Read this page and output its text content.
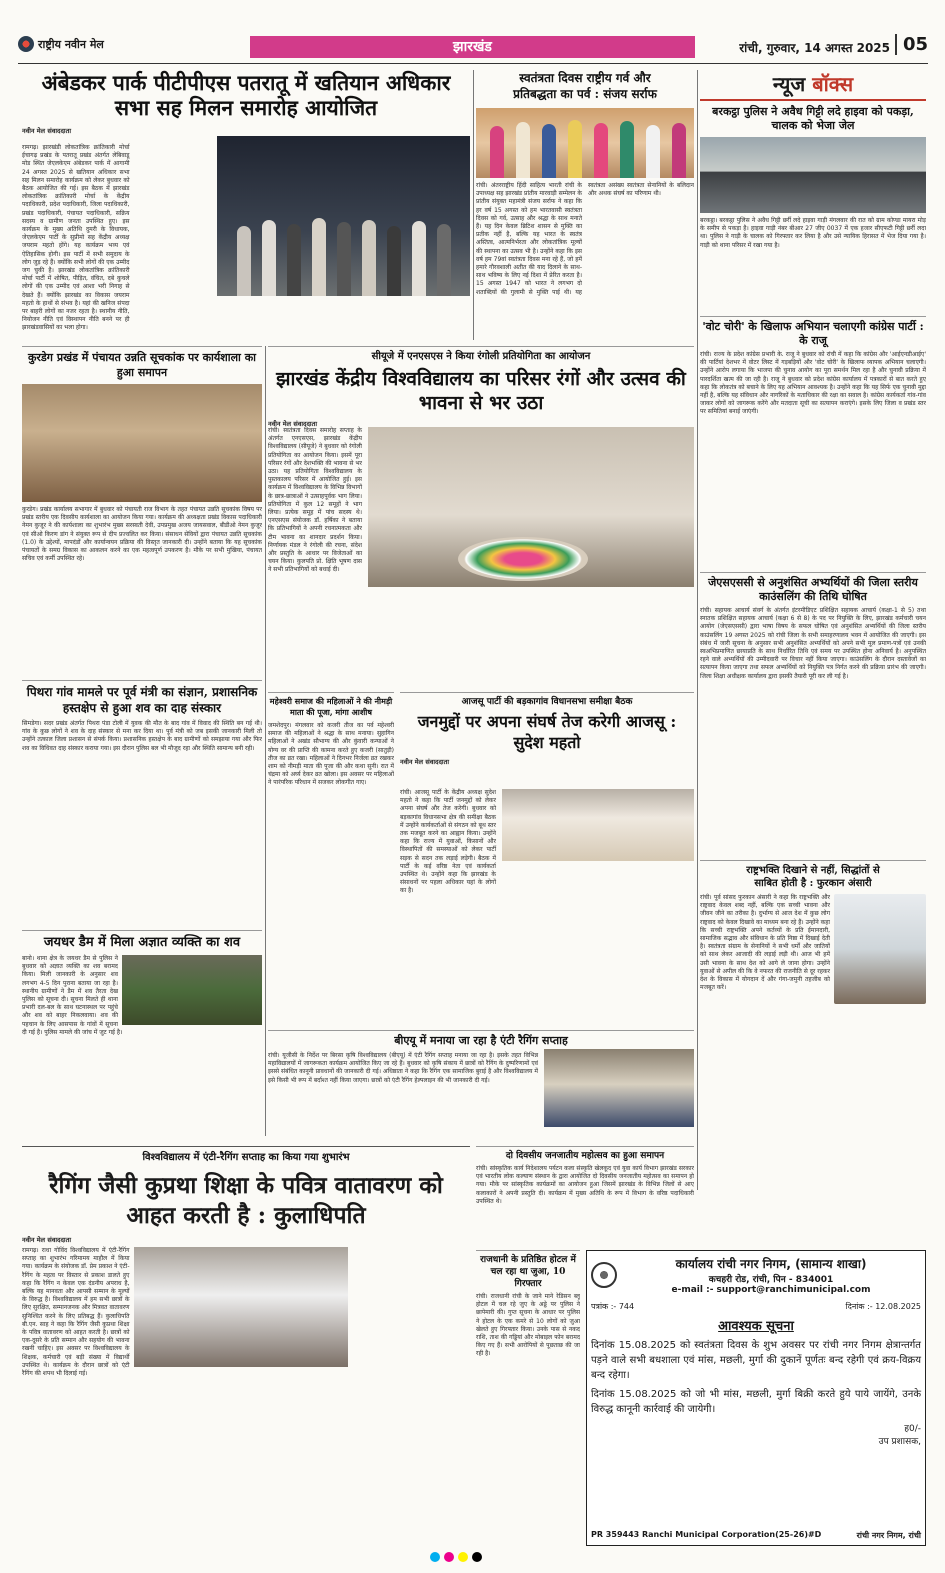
राष्ट्रीय नवीन मेल	झारखंड	रांची, गुरुवार, 14 अगस्त 2025 05
अंबेडकर पार्क पीटीपीएस पतरातू में खतियान अधिकार सभा सह मिलन समारोह आयोजित
नवीन मेल संवाददाता
रामगढ़। झारखंडी लोकतांत्रिक क्रांतिकारी मोर्चा ईचागढ़ प्रखंड के पतरातू प्रखंड अंतर्गत लेबिवाडू मोड स्थित जेएलकेएम अंबेडकर पार्क में आगामी 24 अगस्त 2025 से खतियान अधिकार सभा सह मिलन समारोह कार्यक्रम को लेकर बुधवार को बैठक आयोजित की गई। इस बैठक में झारखंड लोकतांत्रिक क्रांतिकारी मोर्चा के केंद्रीय पदाधिकारी, प्रदेश पदाधिकारी, जिला पदाधिकारी, प्रखंड पदाधिकारी, पंचायत पदाधिकारी, सक्रिय सदस्य व ग्रामीण जनता उपस्थित हुए। इस कार्यक्रम के मुख्य अतिथि दुमरी के विधायक, जेएलकेएम पार्टी के सुप्रीमो सह केंद्रीय अध्यक्ष जयराम महतो होंगे। यह कार्यक्रम भव्य एवं ऐतिहासिक होगी। इस पार्टी में सभी समुदाय के लोग जुड़ रहे हैं। क्योंकि सभी लोगों की एक उम्मीद जग चुकी है। झारखंड लोकतांत्रिक क्रांतिकारी मोर्चा पार्टी में शोषित, पीड़ित, वंचित, दबे कुचले लोगों की एक उम्मीद एवं आशा भरी निगाह से देखते हैं। क्योंकि झारखंड का विकास जयराम महतो के हाथों से संभव है। यहां की खनिज संपदा पर बाहरी लोगों का नजर रहता है। स्थानीय नीति, नियोजन नीति एवं विस्थापन नीति बनने पर ही झारखंडवासियों का भला होगा।
स्वतंत्रता दिवस राष्ट्रीय गर्व और
प्रतिबद्धता का पर्व : संजय सर्राफ
रांची। अंतरराष्ट्रीय हिंदी साहित्य भारती रांची के उपाध्यक्ष सह झारखंड प्रांतीय मारवाड़ी सम्मेलन के प्रांतीय संयुक्त महामंत्री संजय सर्राफ ने कहा कि हर वर्ष 15 अगस्त को हम भारतवासी स्वतंत्रता दिवस को गर्व, उत्साह और श्रद्धा के साथ मनाते हैं। यह दिन केवल ब्रिटिश शासन से मुक्ति का प्रतीक नहीं है, बल्कि यह भारत के स्वतंत्र अस्तित्व, आत्मनिर्भरता और लोकतांत्रिक मूल्यों की स्थापना का उत्सव भी है। उन्होंने कहा कि इस वर्ष हम 79वां स्वतंत्रता दिवस मना रहे हैं, जो हमें हमारे गौरवशाली अतीत की याद दिलाने के साथ-साथ भविष्य के लिए नई दिशा में प्रेरित करता है। 15 अगस्त 1947 को भारत ने लगभग दो शताब्दियों की गुलामी से मुक्ति पाई थी। यह स्वतंत्रता असंख्य स्वतंत्रता सेनानियों के बलिदान और अथक संघर्ष का परिणाम थी।
न्यूज बॉक्स
बरकट्ठा पुलिस ने अवैध गिट्टी लदे हाइवा को पकड़ा, चालक को भेजा जेल
बरकट्ठा। बरकट्ठा पुलिस ने अवैध गिट्टी छर्री लदे हाइवा गाड़ी मंगलवार की रात को ग्राम कोण्डा मायरा मोड़ के समीप से पकड़ा है। हाइवा गाड़ी नंबर बीआर 27 जीए 0037 में एक हजार सीएफटी गिट्टी छर्री लदा था। पुलिस ने गाड़ी के चालक को गिरफ्तार कर लिया है और उसे न्यायिक हिरासत में भेज दिया गया है। गाड़ी को थाना परिसर में रखा गया है।
'वोट चोरी' के खिलाफ अभियान चलाएगी कांग्रेस पार्टी : के राजू
रांची। राज्य के प्रदेश कांग्रेस प्रभारी के. राजू ने बुधवार को रांची में कहा कि कांग्रेस और 'आईएनडीआईए' की पार्टियां देशभर में वोटर लिस्ट में गड़बड़ियों और 'वोट चोरी' के खिलाफ व्यापक अभियान चलाएगी। उन्होंने आरोप लगाया कि भाजपा की चुनाव आयोग का पूरा समर्थन मिल रहा है और चुनावी प्रक्रिया में पारदर्शिता खत्म की जा रही है। राजू ने बुधवार को प्रदेश कांग्रेस कार्यालय में पत्रकारों से बात करते हुए कहा कि लोकतंत्र को बचाने के लिए यह अभियान आवश्यक है। उन्होंने कहा कि यह सिर्फ एक चुनावी मुद्दा नहीं है, बल्कि यह संविधान और नागरिकों के मताधिकार की रक्षा का सवाल है। कांग्रेस कार्यकर्ता गांव-गांव जाकर लोगों को जागरूक करेंगे और मतदाता सूची का सत्यापन कराएंगे। इसके लिए जिला व प्रखंड स्तर पर समितियां बनाई जाएंगी।
जेएसएससी से अनुशंसित अभ्यर्थियों की जिला स्तरीय काउंसलिंग की तिथि घोषित
रांची। सहायक आचार्य संवर्ग के अंतर्गत इंटरमीडिएट प्रशिक्षित सहायक आचार्य (कक्षा-1 से 5) तथा स्नातक प्रशिक्षित सहायक आचार्य (कक्षा 6 से 8) के पद पर नियुक्ति के लिए, झारखंड कर्मचारी चयन आयोग (जेएसएससी) द्वारा भाषा विषय के सफल घोषित एवं अनुशंसित अभ्यर्थियों की जिला स्तरीय काउंसलिंग 19 अगस्त 2025 को रांची जिला के सभी समाहरणालय भवन में आयोजित की जाएगी। इस संबंध में जारी सूचना के अनुसार सभी अनुशंसित अभ्यर्थियों को अपने सभी मूल प्रमाण-पत्रों एवं उनकी स्वअभिप्रमाणित छायाप्रति के साथ निर्धारित तिथि एवं समय पर उपस्थित होना अनिवार्य है। अनुपस्थित रहने वाले अभ्यर्थियों की उम्मीदवारी पर विचार नहीं किया जाएगा। काउंसलिंग के दौरान दस्तावेजों का सत्यापन किया जाएगा तथा सफल अभ्यर्थियों को नियुक्ति पत्र निर्गत करने की प्रक्रिया प्रारंभ की जाएगी। जिला शिक्षा अधीक्षक कार्यालय द्वारा इसकी तैयारी पूरी कर ली गई है।
राष्ट्रभक्ति दिखाने से नहीं, सिद्धांतों से
साबित होती है : फुरकान अंसारी
रांची। पूर्व सांसद फुरकान अंसारी ने कहा कि राष्ट्रभक्ति और राष्ट्रवाद केवल शब्द नहीं, बल्कि एक सच्ची भावना और जीवन जीने का तरीका है। दुर्भाग्य से आज देश में कुछ लोग राष्ट्रवाद को केवल दिखावे का माध्यम बना रहे हैं। उन्होंने कहा कि सच्ची राष्ट्रभक्ति अपने कर्तव्यों के प्रति ईमानदारी, सामाजिक सद्भाव और संविधान के प्रति निष्ठा में दिखाई देती है। स्वतंत्रता संग्राम के सेनानियों ने सभी धर्मों और जातियों को साथ लेकर आजादी की लड़ाई लड़ी थी। आज भी हमें उसी भावना के साथ देश को आगे ले जाना होगा। उन्होंने युवाओं से अपील की कि वे नफरत की राजनीति से दूर रहकर देश के विकास में योगदान दें और गंगा-जमुनी तहजीब को मजबूत करें।
कुरडेग प्रखंड में पंचायत उन्नति सूचकांक पर कार्यशाला का हुआ समापन
कुरडेग। प्रखंड कार्यालय सभागार में बुधवार को पंचायती राज विभाग के तहत पंचायत उन्नति सूचकांक विषय पर प्रखंड स्तरीय एक दिवसीय कार्यशाला का आयोजन किया गया। कार्यक्रम की अध्यक्षता प्रखंड विकास पदाधिकारी नेमन कुजूर ने की कार्यशाला का शुभारंभ मुख्य सरस्वती देवी, उपप्रमुख अजय जायसवाल, बीडीओ नेमन कुजूर एवं सीओ किरण डांग ने संयुक्त रूप से दीप प्रज्वलित कर किया। संसाधन सेवियों द्वारा पंचायत उन्नति सूचकांक (1.0) के उद्देश्यों, मापदंडों और कार्यान्वयन प्रक्रिया की विस्तृत जानकारी दी। उन्होंने बताया कि यह सूचकांक पंचायतों के समग्र विकास का आकलन करने का एक महत्वपूर्ण उपकरण है। मौके पर सभी मुखिया, पंचायत सचिव एवं कर्मी उपस्थित रहे।
पिथरा गांव मामले पर पूर्व मंत्री का संज्ञान, प्रशासनिक हस्तक्षेप से हुआ शव का दाह संस्कार
सिमडेगा। सदर प्रखंड अंतर्गत पिथरा पंडा टोली में युवक की मौत के बाद गांव में विवाद की स्थिति बन गई थी। गांव के कुछ लोगों ने शव के दाह संस्कार से मना कर दिया था। पूर्व मंत्री को जब इसकी जानकारी मिली तो उन्होंने तत्काल जिला प्रशासन से संपर्क किया। प्रशासनिक हस्तक्षेप के बाद ग्रामीणों को समझाया गया और फिर शव का विधिवत दाह संस्कार कराया गया। इस दौरान पुलिस बल भी मौजूद रहा और स्थिति सामान्य बनी रही।
जयधर डैम में मिला अज्ञात व्यक्ति का शव
बानो। थाना क्षेत्र के जयधर डैम से पुलिस ने बुधवार को अज्ञात व्यक्ति का शव बरामद किया। मिली जानकारी के अनुसार शव लगभग 4-5 दिन पुराना बताया जा रहा है। स्थानीय ग्रामीणों ने डैम में शव तैरता देख पुलिस को सूचना दी। सूचना मिलते ही थाना प्रभारी दल-बल के साथ घटनास्थल पर पहुंचे और शव को बाहर निकलवाया। शव की पहचान के लिए आसपास के गांवों में सूचना दी गई है। पुलिस मामले की जांच में जुट गई है।
सीयूजे में एनएसएस ने किया रंगोली प्रतियोगिता का आयोजन
झारखंड केंद्रीय विश्वविद्यालय का परिसर रंगों और उत्सव की भावना से भर उठा
नवीन मेल संवाददाता
रांची। स्वतंत्रता दिवस समारोह सप्ताह के अंतर्गत एनएसएस, झारखंड केंद्रीय विश्वविद्यालय (सीयूजे) ने बुधवार को रंगोली प्रतियोगिता का आयोजन किया। इसमें पूरा परिसर रंगों और देशभक्ति की भावना से भर उठा। यह प्रतियोगिता विश्वविद्यालय के पुस्तकालय परिसर में आयोजित हुई। इस कार्यक्रम में विश्वविद्यालय के विभिन्न विभागों के छात्र-छात्राओं ने उत्साहपूर्वक भाग लिया। प्रतियोगिता में कुल 12 समूहों ने भाग लिया। प्रत्येक समूह में पांच सदस्य थे। एनएसएस संयोजक डॉ. हर्षिका ने बताया कि प्रतिभागियों ने अपनी रचनात्मकता और टीम भावना का शानदार प्रदर्शन किया। निर्णायक मंडल ने रंगोली की रचना, संदेश और प्रस्तुति के आधार पर विजेताओं का चयन किया। कुलपति प्रो. क्षिति भूषण दास ने सभी प्रतिभागियों को बधाई दी।
महेश्वरी समाज की महिलाओं ने की नीमड़ी माता की पूजा, मांगा आशीष
जमशेदपुर। मंगलवार को कजरी तीज का पर्व महेश्वरी समाज की महिलाओं ने श्रद्धा के साथ मनाया। सुहागिन महिलाओं ने अखंड सौभाग्य की और कुंवारी कन्याओं ने योग्य वर की प्राप्ति की कामना करते हुए कजरी (सातुड़ी) तीज का व्रत रखा। महिलाओं ने दिनभर निर्जला व्रत रखकर शाम को नीमड़ी माता की पूजा की और कथा सुनी। रात में चंद्रमा को अर्घ्य देकर व्रत खोला। इस अवसर पर महिलाओं ने पारंपरिक परिधान में सजकर लोकगीत गाए।
आजसू पार्टी की बड़कागांव विधानसभा समीक्षा बैठक
जनमुद्दों पर अपना संघर्ष तेज करेगी आजसू : सुदेश महतो
नवीन मेल संवाददाता
रांची। आजसू पार्टी के केंद्रीय अध्यक्ष सुदेश महतो ने कहा कि पार्टी जनमुद्दों को लेकर अपना संघर्ष और तेज करेगी। बुधवार को बड़कागांव विधानसभा क्षेत्र की समीक्षा बैठक में उन्होंने कार्यकर्ताओं से संगठन को बूथ स्तर तक मजबूत करने का आह्वान किया। उन्होंने कहा कि राज्य में युवाओं, किसानों और विस्थापितों की समस्याओं को लेकर पार्टी सड़क से सदन तक लड़ाई लड़ेगी। बैठक में पार्टी के कई वरिष्ठ नेता एवं कार्यकर्ता उपस्थित थे। उन्होंने कहा कि झारखंड के संसाधनों पर पहला अधिकार यहां के लोगों का है।
बीएयू में मनाया जा रहा है एंटी रैगिंग सप्ताह
रांची। यूजीसी के निर्देश पर बिरसा कृषि विश्वविद्यालय (बीएयू) में एंटी रैगिंग सप्ताह मनाया जा रहा है। इसके तहत विभिन्न महाविद्यालयों में जागरूकता कार्यक्रम आयोजित किए जा रहे हैं। बुधवार को कृषि संकाय में छात्रों को रैगिंग के दुष्परिणामों एवं इससे संबंधित कानूनी प्रावधानों की जानकारी दी गई। अधिष्ठाता ने कहा कि रैगिंग एक सामाजिक बुराई है और विश्वविद्यालय में इसे किसी भी रूप में बर्दाश्त नहीं किया जाएगा। छात्रों को एंटी रैगिंग हेल्पलाइन की भी जानकारी दी गई।
विश्वविद्यालय में एंटी-रैगिंग सप्ताह का किया गया शुभारंभ
रैगिंग जैसी कुप्रथा शिक्षा के पवित्र वातावरण को आहत करती है : कुलाधिपति
नवीन मेल संवाददाता
रामगढ़। राधा गोविंद विश्वविद्यालय में एंटी-रैगिंग सप्ताह का शुभारंभ गरिमामय माहौल में किया गया। कार्यक्रम के संयोजक डॉ. प्रेम प्रकाश ने एंटी-रैगिंग के महत्व पर विस्तार से प्रकाश डालते हुए कहा कि रैगिंग न केवल एक दंडनीय अपराध है, बल्कि यह मानवता और आपसी सम्मान के मूल्यों के विरुद्ध है। विश्वविद्यालय में हम सभी छात्रों के लिए सुरक्षित, सम्मानजनक और मित्रवत वातावरण सुनिश्चित करने के लिए प्रतिबद्ध हैं। कुलाधिपति बी.एन. साह ने कहा कि रैगिंग जैसी कुप्रथा शिक्षा के पवित्र वातावरण को आहत करती है। छात्रों को एक-दूसरे के प्रति सम्मान और सहयोग की भावना रखनी चाहिए। इस अवसर पर विश्वविद्यालय के शिक्षक, कर्मचारी एवं बड़ी संख्या में विद्यार्थी उपस्थित थे। कार्यक्रम के दौरान छात्रों को एंटी रैगिंग की शपथ भी दिलाई गई।
दो दिवसीय जनजातीय महोत्सव का हुआ समापन
रांची। सांस्कृतिक कार्य निदेशालय पर्यटन कला संस्कृति खेलकूद एवं युवा कार्य विभाग झारखंड सरकार एवं भारतीय लोक कल्याण संस्थान के द्वारा आयोजित दो दिवसीय जनजातीय महोत्सव का समापन हो गया। मौके पर सांस्कृतिक कार्यक्रमों का आयोजन हुआ जिसमें झारखंड के विभिन्न जिलों से आए कलाकारों ने अपनी प्रस्तुति दी। कार्यक्रम में मुख्य अतिथि के रूप में विभाग के वरिष्ठ पदाधिकारी उपस्थित थे।
राजधानी के प्रतिष्ठित होटल में चल रहा था जुआ, 10 गिरफ्तार
रांची। राजधानी रांची के जाने माने रेडिसन ब्लू होटल में चल रहे जुए के अड्डे पर पुलिस ने छापेमारी की। गुप्त सूचना के आधार पर पुलिस ने होटल के एक कमरे से 10 लोगों को जुआ खेलते हुए गिरफ्तार किया। उनके पास से नकद राशि, ताश की गड्डियां और मोबाइल फोन बरामद किए गए हैं। सभी आरोपियों से पूछताछ की जा रही है।
कार्यालय रांची नगर निगम, (सामान्य शाखा)
कचहरी रोड, रांची, पिन - 834001
e-mail :- support@ranchimunicipal.com
पत्रांक :- 744	दिनांक :- 12.08.2025
आवश्यक सूचना
दिनांक 15.08.2025 को स्वतंत्रता दिवस के शुभ अवसर पर रांची नगर निगम क्षेत्रान्तर्गत पड़ने वाले सभी बधशाला एवं मांस, मछली, मुर्गा की दुकानें पूर्णतः बन्द रहेगी एवं क्रय-विक्रय बन्द रहेगा।
दिनांक 15.08.2025 को जो भी मांस, मछली, मुर्गा बिक्री करते हुये पाये जायेंगे, उनके विरुद्ध कानूनी कार्रवाई की जायेगी।
ह0/-
उप प्रशासक,
PR 359443 Ranchi Municipal Corporation(25-26)#D	रांची नगर निगम, रांची
